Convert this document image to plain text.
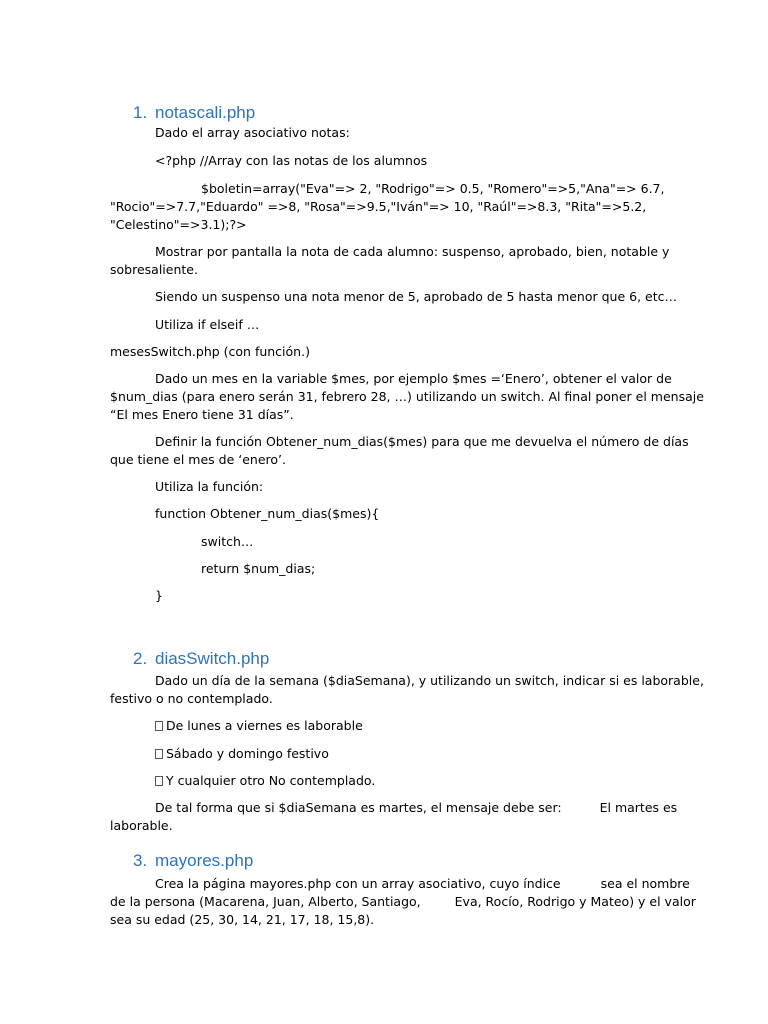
1. notascali.php
Dado el array asociativo notas:
<?php //Array con las notas de los alumnos
$boletin=array("Eva"=> 2, "Rodrigo"=> 0.5, "Romero"=>5,"Ana"=> 6.7,
"Rocio"=>7.7,"Eduardo" =>8, "Rosa"=>9.5,"Iván"=> 10, "Raúl"=>8.3, "Rita"=>5.2,
"Celestino"=>3.1);?>
Mostrar por pantalla la nota de cada alumno: suspenso, aprobado, bien, notable y
sobresaliente.
Siendo un suspenso una nota menor de 5, aprobado de 5 hasta menor que 6, etc…
Utiliza if elseif …
mesesSwitch.php (con función.)
Dado un mes en la variable $mes, por ejemplo $mes =‘Enero’, obtener el valor de
$num_dias (para enero serán 31, febrero 28, …) utilizando un switch. Al final poner el mensaje
“El mes Enero tiene 31 días”.
Definir la función Obtener_num_dias($mes) para que me devuelva el número de días
que tiene el mes de ‘enero’.
Utiliza la función:
function Obtener_num_dias($mes){
switch…
return $num_dias;
}
2. diasSwitch.php
Dado un día de la semana ($diaSemana), y utilizando un switch, indicar si es laborable,
festivo o no contemplado.
De lunes a viernes es laborable
Sábado y domingo festivo
Y cualquier otro No contemplado.
De tal forma que si $diaSemana es martes, el mensaje debe ser:	El martes es
laborable.
3. mayores.php
Crea la página mayores.php con un array asociativo, cuyo índice	sea el nombre
de la persona (Macarena, Juan, Alberto, Santiago,	Eva, Rocío, Rodrigo y Mateo) y el valor
sea su edad (25, 30, 14, 21, 17, 18, 15,8).
